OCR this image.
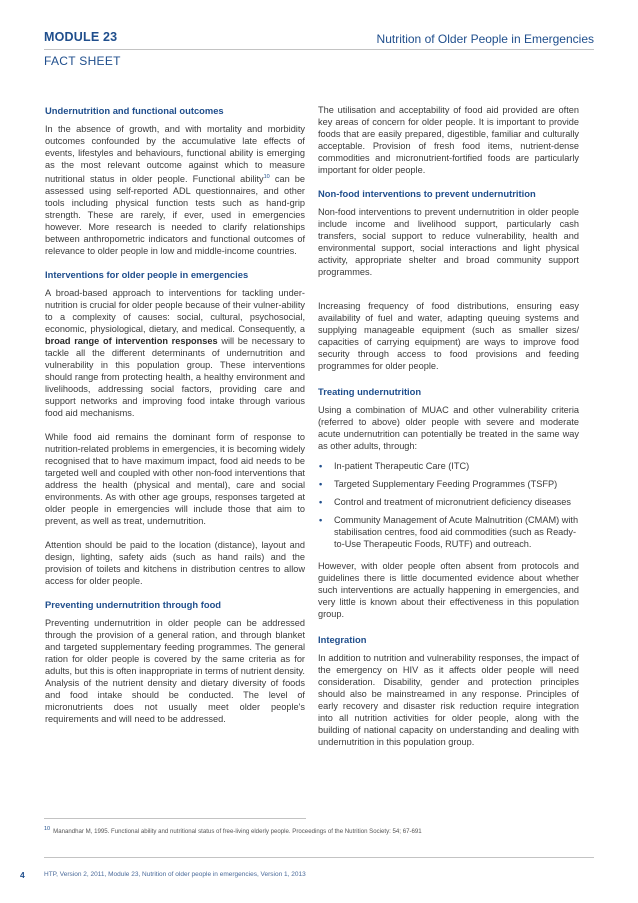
MODULE 23	Nutrition of Older People in Emergencies
FACT SHEET
Undernutrition and functional outcomes

In the absence of growth, and with mortality and morbidity outcomes confounded by the accumulative late effects of events, lifestyles and behaviours, functional ability is emerging as the most relevant outcome against which to measure nutritional status in older people. Functional ability$^{10}$ can be assessed using self-reported ADL questionnaires, and other tools including physical function tests such as hand-grip strength. These are rarely, if ever, used in emergencies however. More research is needed to clarify relationships between anthropometric indicators and functional outcomes of relevance to older people in low and middle-income countries.

Interventions for older people in emergencies

A broad-based approach to interventions for tackling under-nutrition is crucial for older people because of their vulner-ability to a complexity of causes: social, cultural, psychosocial, economic, physiological, dietary, and medical. Consequently, a broad range of intervention responses will be necessary to tackle all the different determinants of undernutrition and vulnerability in this population group. These interventions should range from protecting health, a healthy environment and livelihoods, addressing social factors, providing care and support networks and improving food intake through various food aid mechanisms.

While food aid remains the dominant form of response to nutrition-related problems in emergencies, it is becoming widely recognised that to have maximum impact, food aid needs to be targeted well and coupled with other non-food interventions that address the health (physical and mental), care and social environments. As with other age groups, responses targeted at older people in emergencies will include those that aim to prevent, as well as treat, undernutrition.

Attention should be paid to the location (distance), layout and design, lighting, safety aids (such as hand rails) and the provision of toilets and kitchens in distribution centres to allow access for older people.

Preventing undernutrition through food

Preventing undernutrition in older people can be addressed through the provision of a general ration, and through blanket and targeted supplementary feeding programmes. The general ration for older people is covered by the same criteria as for adults, but this is often inappropriate in terms of nutrient density. Analysis of the nutrient density and dietary diversity of foods and food intake should be conducted. The level of micronutrients does not usually meet older people's requirements and will need to be addressed.

The utilisation and acceptability of food aid provided are often key areas of concern for older people. It is important to provide foods that are easily prepared, digestible, familiar and culturally acceptable. Provision of fresh food items, nutrient-dense commodities and micronutrient-fortified foods are particularly important for older people.

Non-food interventions to prevent undernutrition

Non-food interventions to prevent undernutrition in older people include income and livelihood support, particularly cash transfers, social support to reduce vulnerability, health and environmental support, social interactions and light physical activity, appropriate shelter and broad community support programmes.

Increasing frequency of food distributions, ensuring easy availability of fuel and water, adapting queuing systems and supplying manageable equipment (such as smaller sizes/ capacities of carrying equipment) are ways to improve food security through access to food provisions and feeding programmes for older people.

Treating undernutrition

Using a combination of MUAC and other vulnerability criteria (referred to above) older people with severe and moderate acute undernutrition can potentially be treated in the same way as other adults, through:

• In-patient Therapeutic Care (ITC)
• Targeted Supplementary Feeding Programmes (TSFP)
• Control and treatment of micronutrient deficiency diseases
• Community Management of Acute Malnutrition (CMAM) with stabilisation centres, food aid commodities (such as Ready-to-Use Therapeutic Foods, RUTF) and outreach.

However, with older people often absent from protocols and guidelines there is little documented evidence about whether such interventions are actually happening in emergencies, and very little is known about their effectiveness in this population group.

Integration

In addition to nutrition and vulnerability responses, the impact of the emergency on HIV as it affects older people will need consideration. Disability, gender and protection principles should also be mainstreamed in any response. Principles of early recovery and disaster risk reduction require integration into all nutrition activities for older people, along with the building of national capacity on understanding and dealing with undernutrition in this population group.

$^{10}$ Manandhar M, 1995. Functional ability and nutritional status of free-living elderly people. Proceedings of the Nutrition Society: 54; 67-691
4	HTP, Version 2, 2011, Module 23, Nutrition of older people in emergencies, Version 1, 2013
